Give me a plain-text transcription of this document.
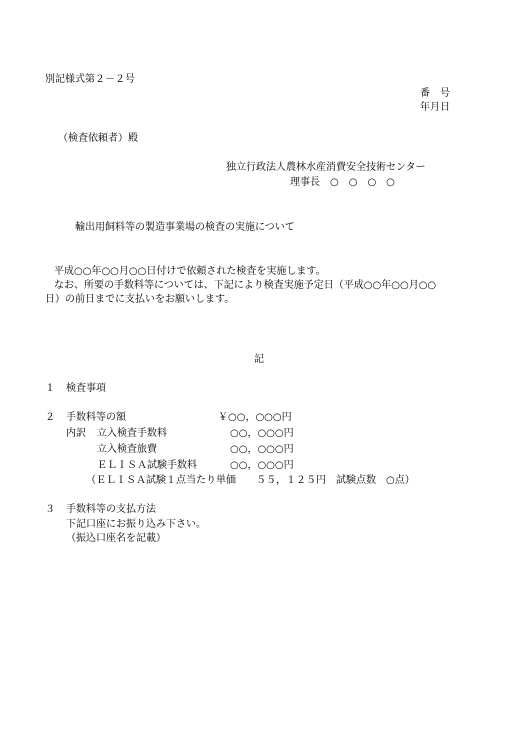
別記様式第２－２号
番　号
年月日
（検査依頼者）殿
独立行政法人農林水産消費安全技術センター
理事長　○　○　○　○
輸出用飼料等の製造事業場の検査の実施について
平成○○年○○月○○日付けで依頼された検査を実施します。
なお、所要の手数料等については、下記により検査実施予定日（平成○○年○○月○○
日）の前日までに支払いをお願いします。
記
１ 検査事項
２ 手数料等の額	￥○○，○○○円
内訳 立入検査手数料	○○，○○○円
立入検査旅費	○○，○○○円
ＥＬＩＳＡ試験手数料	○○，○○○円
（ＥＬＩＳＡ試験１点当たり単価　　５５，１２５円　試験点数　○点）
３ 手数料等の支払方法
下記口座にお振り込み下さい。
（振込口座名を記載）
